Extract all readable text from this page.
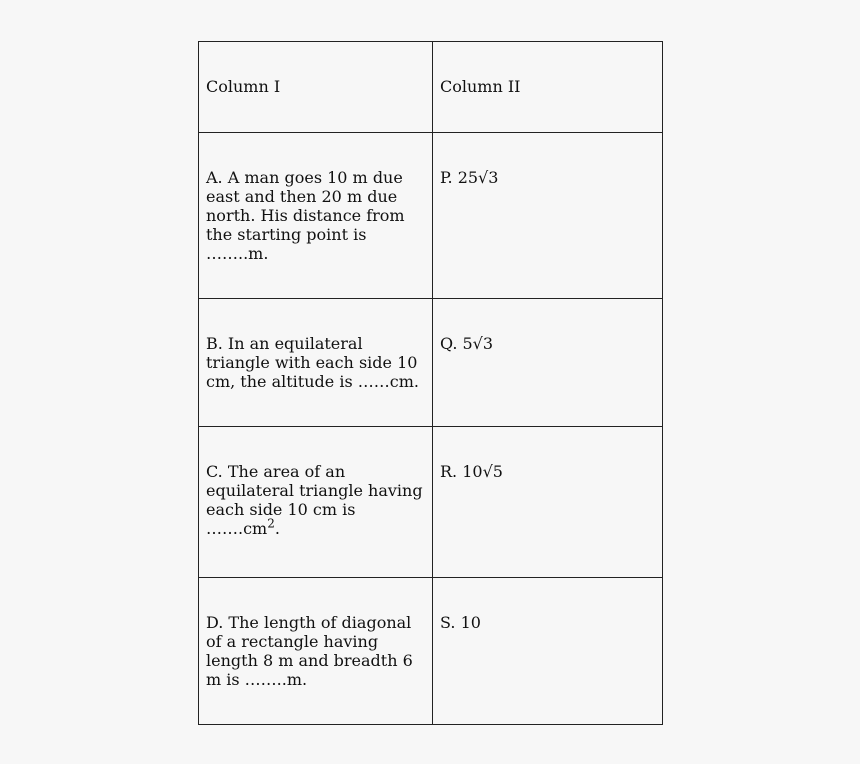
Column I	Column II
A. A man goes 10 m due east and then 20 m due north. His distance from the starting point is ……..m.	P. 25√3
B. In an equilateral triangle with each side 10 cm, the altitude is ……cm.	Q. 5√3
C. The area of an equilateral triangle having each side 10 cm is $\dots\dots.cm^2$.	R. 10√5
D. The length of diagonal of a rectangle having length 8 m and breadth 6 m is ……..m.	S. 10
